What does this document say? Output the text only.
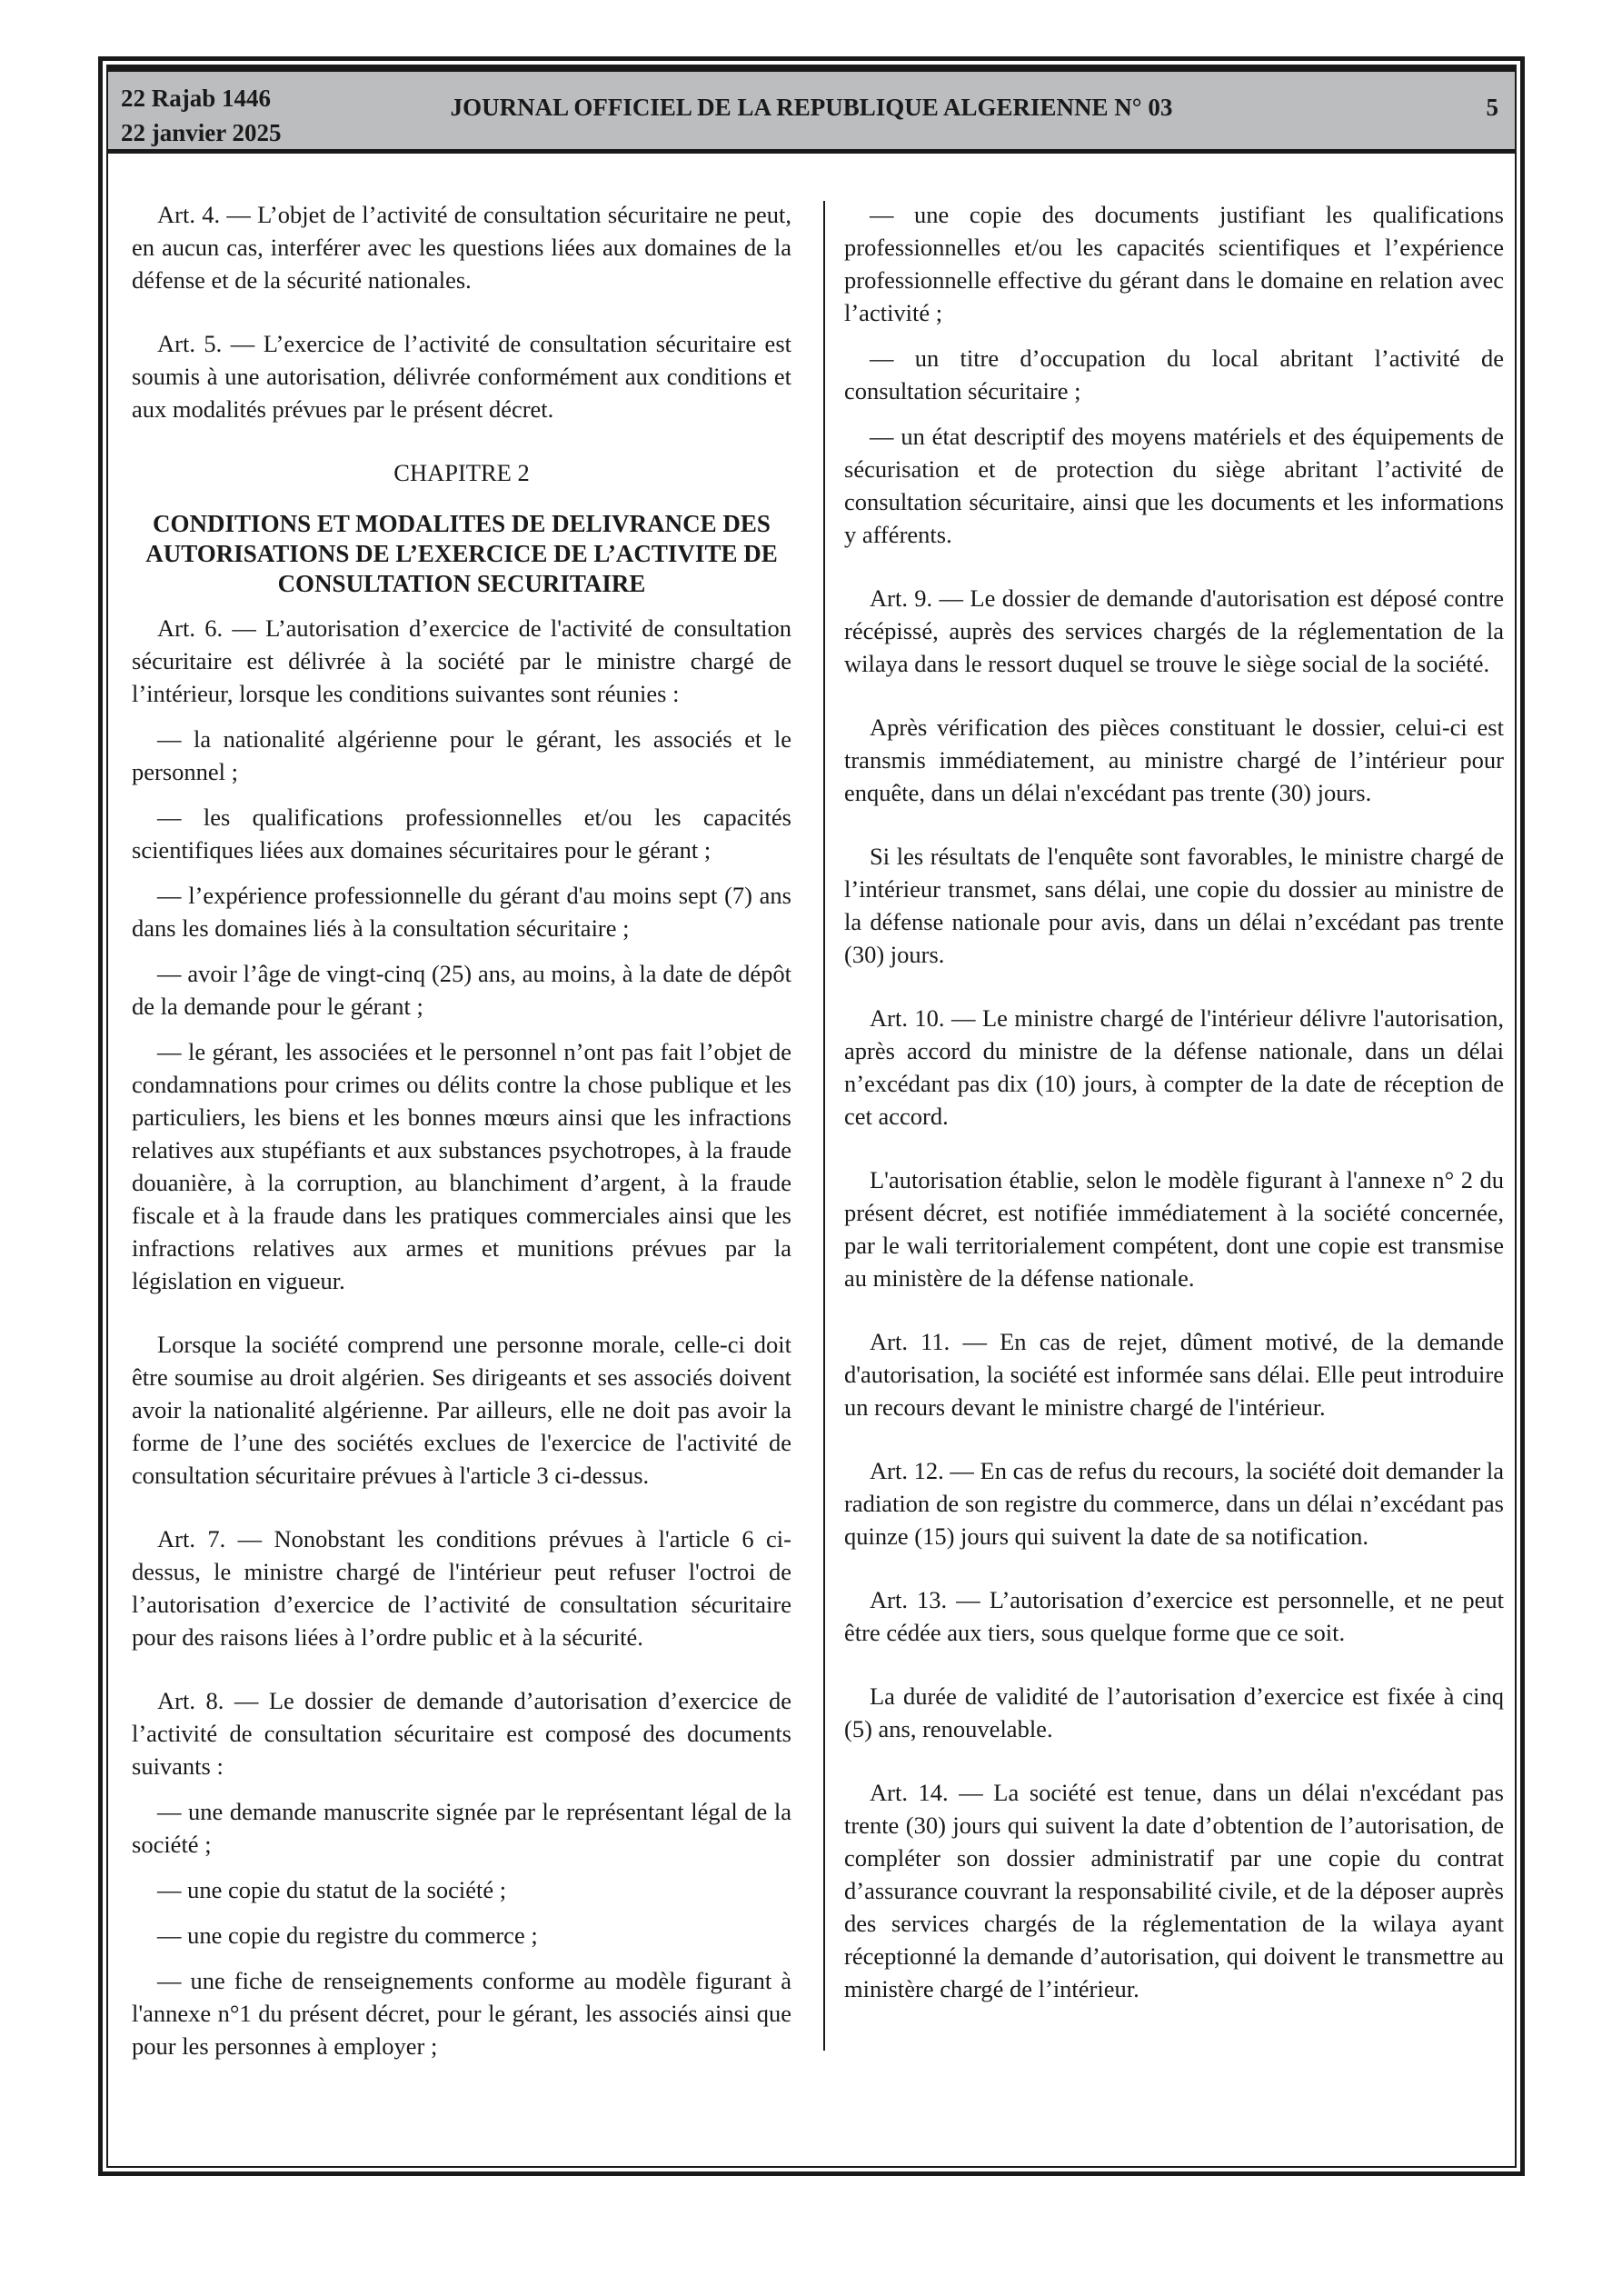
22 Rajab 1446
22 janvier 2025
JOURNAL OFFICIEL DE LA REPUBLIQUE ALGERIENNE N° 03	5

Art. 4. — L’objet de l’activité de consultation sécuritaire ne peut, en aucun cas, interférer avec les questions liées aux domaines de la défense et de la sécurité nationales.

Art. 5. — L’exercice de l’activité de consultation sécuritaire est soumis à une autorisation, délivrée conformément aux conditions et aux modalités prévues par le présent décret.

CHAPITRE 2

CONDITIONS ET MODALITES DE DELIVRANCE DES AUTORISATIONS DE L’EXERCICE DE L’ACTIVITE DE CONSULTATION SECURITAIRE

Art. 6. — L’autorisation d’exercice de l'activité de consultation sécuritaire est délivrée à la société par le ministre chargé de l’intérieur, lorsque les conditions suivantes sont réunies :

— la nationalité algérienne pour le gérant, les associés et le personnel ;

— les qualifications professionnelles et/ou les capacités scientifiques liées aux domaines sécuritaires pour le gérant ;

— l’expérience professionnelle du gérant d'au moins sept (7) ans dans les domaines liés à la consultation sécuritaire ;

— avoir l’âge de vingt-cinq (25) ans, au moins, à la date de dépôt de la demande pour le gérant ;

— le gérant, les associées et le personnel n’ont pas fait l’objet de condamnations pour crimes ou délits contre la chose publique et les particuliers, les biens et les bonnes mœurs ainsi que les infractions relatives aux stupéfiants et aux substances psychotropes, à la fraude douanière, à la corruption, au blanchiment d’argent, à la fraude fiscale et à la fraude dans les pratiques commerciales ainsi que les infractions relatives aux armes et munitions prévues par la législation en vigueur.

Lorsque la société comprend une personne morale, celle-ci doit être soumise au droit algérien. Ses dirigeants et ses associés doivent avoir la nationalité algérienne. Par ailleurs, elle ne doit pas avoir la forme de l’une des sociétés exclues de l'exercice de l'activité de consultation sécuritaire prévues à l'article 3 ci-dessus.

Art. 7. — Nonobstant les conditions prévues à l'article 6 ci-dessus, le ministre chargé de l'intérieur peut refuser l'octroi de l’autorisation d’exercice de l’activité de consultation sécuritaire pour des raisons liées à l’ordre public et à la sécurité.

Art. 8. — Le dossier de demande d’autorisation d’exercice de l’activité de consultation sécuritaire est composé des documents suivants :

— une demande manuscrite signée par le représentant légal de la société ;

— une copie du statut de la société ;

— une copie du registre du commerce ;

— une fiche de renseignements conforme au modèle figurant à l'annexe n°1 du présent décret, pour le gérant, les associés ainsi que pour les personnes à employer ;

— une copie des documents justifiant les qualifications professionnelles et/ou les capacités scientifiques et l’expérience professionnelle effective du gérant dans le domaine en relation avec l’activité ;

— un titre d’occupation du local abritant l’activité de consultation sécuritaire ;

— un état descriptif des moyens matériels et des équipements de sécurisation et de protection du siège abritant l’activité de consultation sécuritaire, ainsi que les documents et les informations y afférents.

Art. 9. — Le dossier de demande d'autorisation est déposé contre récépissé, auprès des services chargés de la réglementation de la wilaya dans le ressort duquel se trouve le siège social de la société.

Après vérification des pièces constituant le dossier, celui-ci est transmis immédiatement, au ministre chargé de l’intérieur pour enquête, dans un délai n'excédant pas trente (30) jours.

Si les résultats de l'enquête sont favorables, le ministre chargé de l’intérieur transmet, sans délai, une copie du dossier au ministre de la défense nationale pour avis, dans un délai n’excédant pas trente (30) jours.

Art. 10. — Le ministre chargé de l'intérieur délivre l'autorisation, après accord du ministre de la défense nationale, dans un délai n’excédant pas dix (10) jours, à compter de la date de réception de cet accord.

L'autorisation établie, selon le modèle figurant à l'annexe n° 2 du présent décret, est notifiée immédiatement à la société concernée, par le wali territorialement compétent, dont une copie est transmise au ministère de la défense nationale.

Art. 11. — En cas de rejet, dûment motivé, de la demande d'autorisation, la société est informée sans délai. Elle peut introduire un recours devant le ministre chargé de l'intérieur.

Art. 12. — En cas de refus du recours, la société doit demander la radiation de son registre du commerce, dans un délai n’excédant pas quinze (15) jours qui suivent la date de sa notification.

Art. 13. — L’autorisation d’exercice est personnelle, et ne peut être cédée aux tiers, sous quelque forme que ce soit.

La durée de validité de l’autorisation d’exercice est fixée à cinq (5) ans, renouvelable.

Art. 14. — La société est tenue, dans un délai n'excédant pas trente (30) jours qui suivent la date d’obtention de l’autorisation, de compléter son dossier administratif par une copie du contrat d’assurance couvrant la responsabilité civile, et de la déposer auprès des services chargés de la réglementation de la wilaya ayant réceptionné la demande d’autorisation, qui doivent le transmettre au ministère chargé de l’intérieur.
